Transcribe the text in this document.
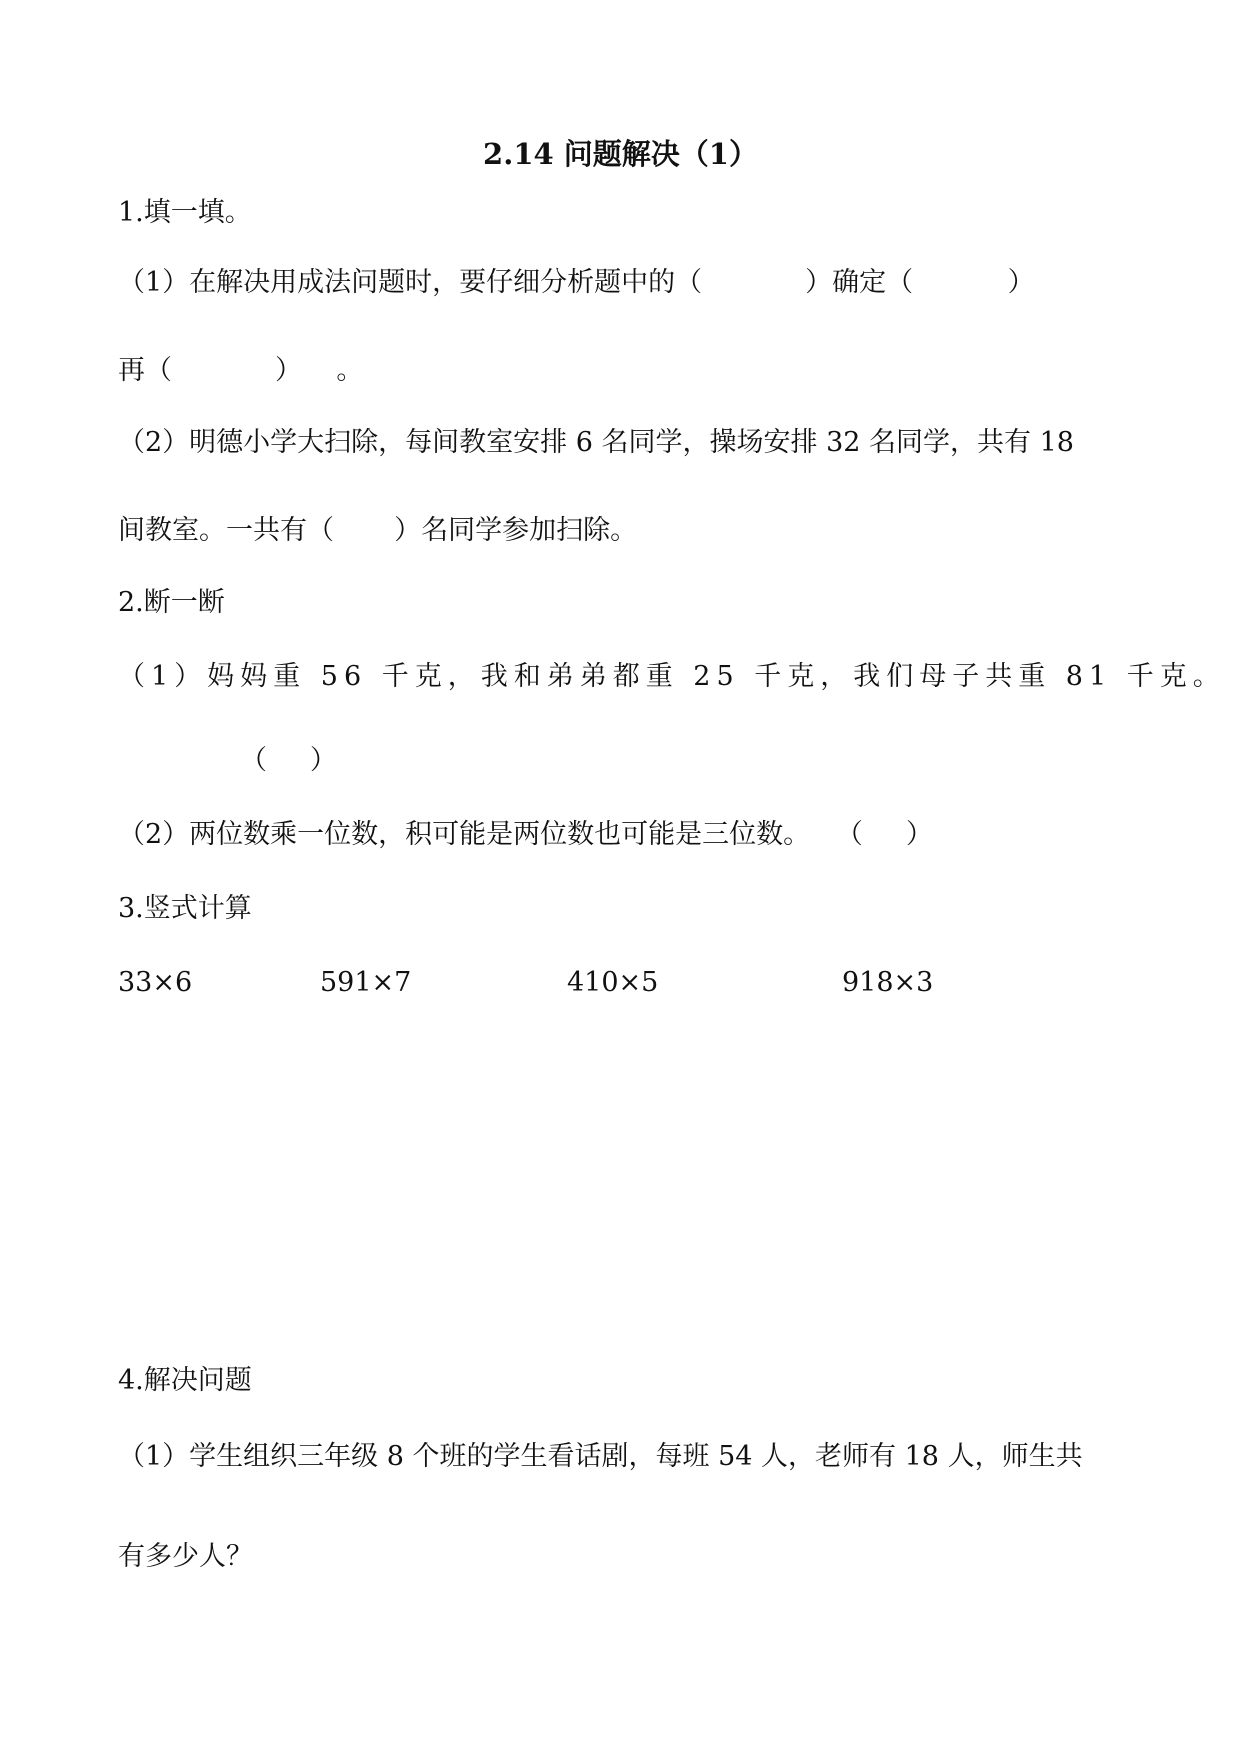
2.14 问题解决（1）
1.填一填。
（1）在解决用成法问题时，要仔细分析题中的（            ）确定（           ）
再（            ）    。
（2）明德小学大扫除，每间教室安排 6 名同学，操场安排 32 名同学，共有 18
间教室。一共有（       ）名同学参加扫除。
2.断一断
（1）妈妈重 56 千克，我和弟弟都重 25 千克，我们母子共重 81 千克。
（     ）
（2）两位数乘一位数，积可能是两位数也可能是三位数。   （     ）
3.竖式计算
33×6	591×7	410×5	918×3
4.解决问题
（1）学生组织三年级 8 个班的学生看话剧，每班 54 人，老师有 18 人，师生共
有多少人？
